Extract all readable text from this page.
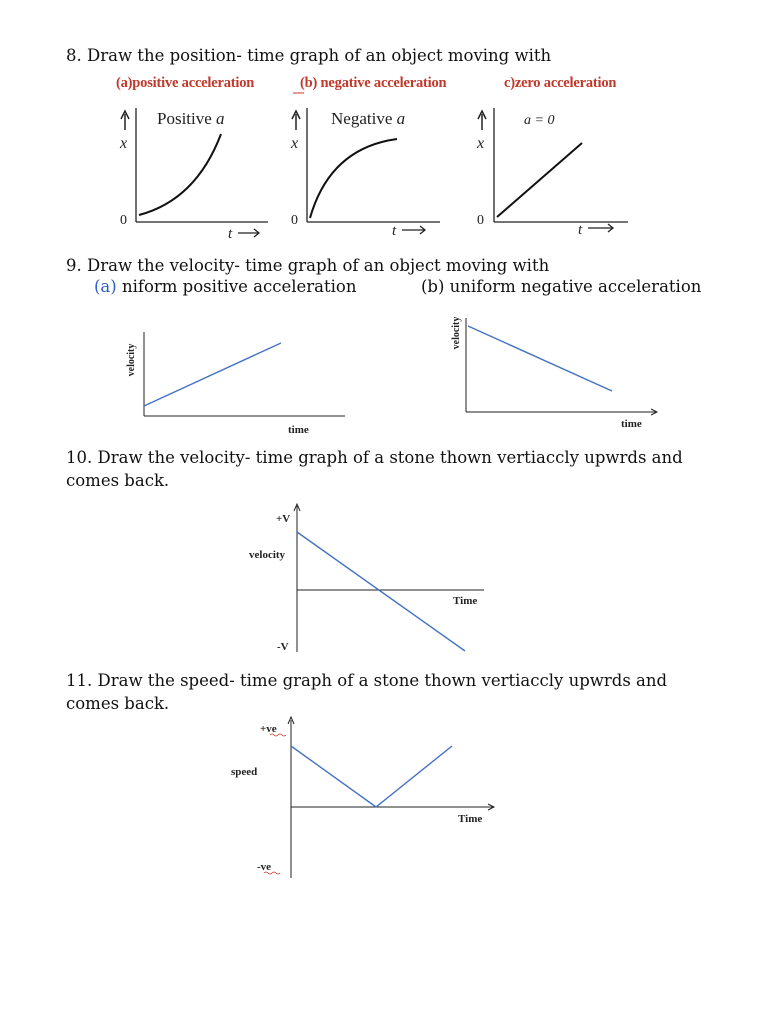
8. Draw the position- time graph of an object moving with
(a)positive acceleration	(b) negative acceleration	c)zero acceleration
Positive a
x
0
t
Negative a
x
0
t
a = 0
x
0
t
velocity
time
velocity
time
+V
velocity
Time
-V
+ve
speed
Time
-ve
9. Draw the velocity- time graph of an object moving with
(a) niform positive acceleration	(b) uniform negative acceleration
10. Draw the velocity- time graph of a stone thown vertiaccly upwrds and
comes back.
11. Draw the speed- time graph of a stone thown vertiaccly upwrds and
comes back.
